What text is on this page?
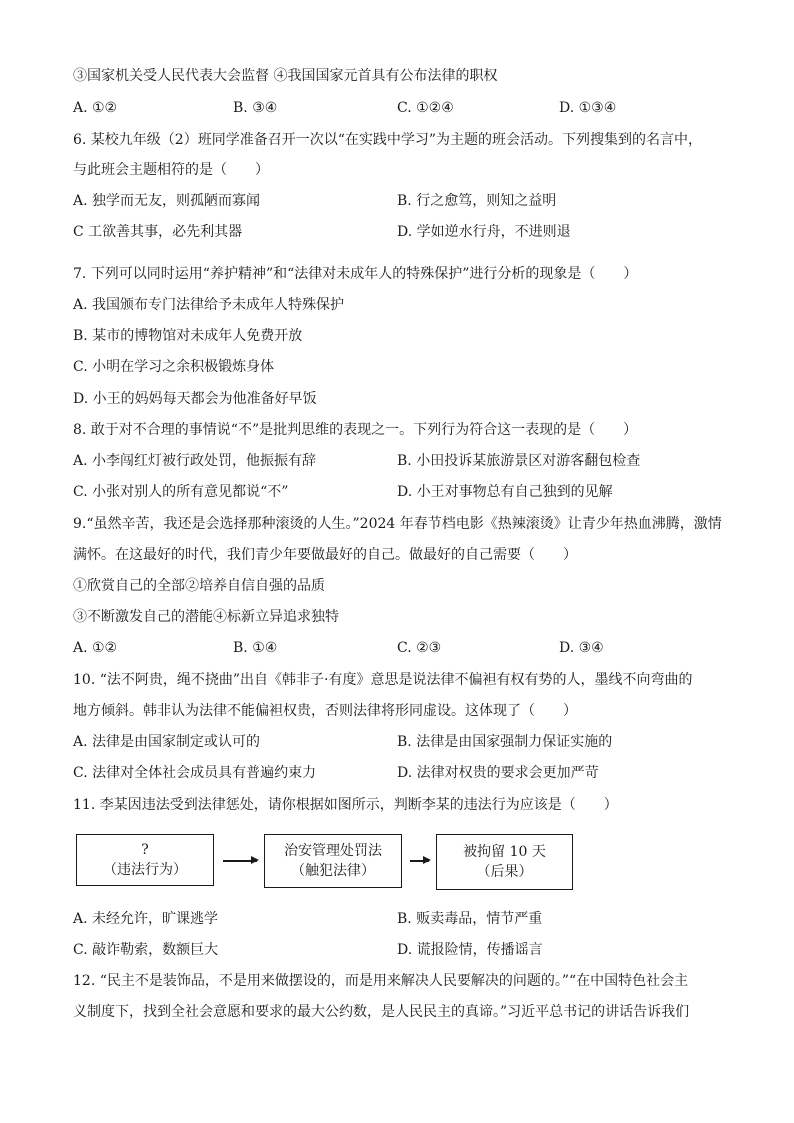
③国家机关受人民代表大会监督 ④我国国家元首具有公布法律的职权
A. ①②	B. ③④	C. ①②④	D. ①③④
6. 某校九年级（2）班同学准备召开一次以“在实践中学习”为主题的班会活动。下列搜集到的名言中，
与此班会主题相符的是（　　）
A. 独学而无友，则孤陋而寡闻	B. 行之愈笃，则知之益明
C 工欲善其事，必先利其器	D. 学如逆水行舟，不进则退
7. 下列可以同时运用“养护精神”和“法律对未成年人的特殊保护”进行分析的现象是（　　）
A. 我国颁布专门法律给予未成年人特殊保护
B. 某市的博物馆对未成年人免费开放
C. 小明在学习之余积极锻炼身体
D. 小王的妈妈每天都会为他准备好早饭
8. 敢于对不合理的事情说“不”是批判思维的表现之一。下列行为符合这一表现的是（　　）
A. 小李闯红灯被行政处罚，他振振有辞	B. 小田投诉某旅游景区对游客翻包检查
C. 小张对别人的所有意见都说“不”	D. 小王对事物总有自己独到的见解
9.“虽然辛苦，我还是会选择那种滚烫的人生。”2024 年春节档电影《热辣滚烫》让青少年热血沸腾，激情
满怀。在这最好的时代，我们青少年要做最好的自己。做最好的自己需要（　　）
①欣赏自己的全部②培养自信自强的品质
③不断激发自己的潜能④标新立异追求独特
A. ①②	B. ①④	C. ②③	D. ③④
10. “法不阿贵，绳不挠曲”出自《韩非子·有度》意思是说法律不偏袒有权有势的人，墨线不向弯曲的
地方倾斜。韩非认为法律不能偏袒权贵，否则法律将形同虚设。这体现了（　　）
A. 法律是由国家制定或认可的	B. 法律是由国家强制力保证实施的
C. 法律对全体社会成员具有普遍约束力	D. 法律对权贵的要求会更加严苛
11. 李某因违法受到法律惩处，请你根据如图所示，判断李某的违法行为应该是（　　）
?
（违法行为）
治安管理处罚法
（触犯法律）
被拘留 10 天
（后果）
A. 未经允许，旷课逃学	B. 贩卖毒品，情节严重
C. 敲诈勒索，数额巨大	D. 谎报险情，传播谣言
12. “民主不是装饰品，不是用来做摆设的，而是用来解决人民要解决的问题的。”“在中国特色社会主
义制度下，找到全社会意愿和要求的最大公约数，是人民民主的真谛。”习近平总书记的讲话告诉我们
